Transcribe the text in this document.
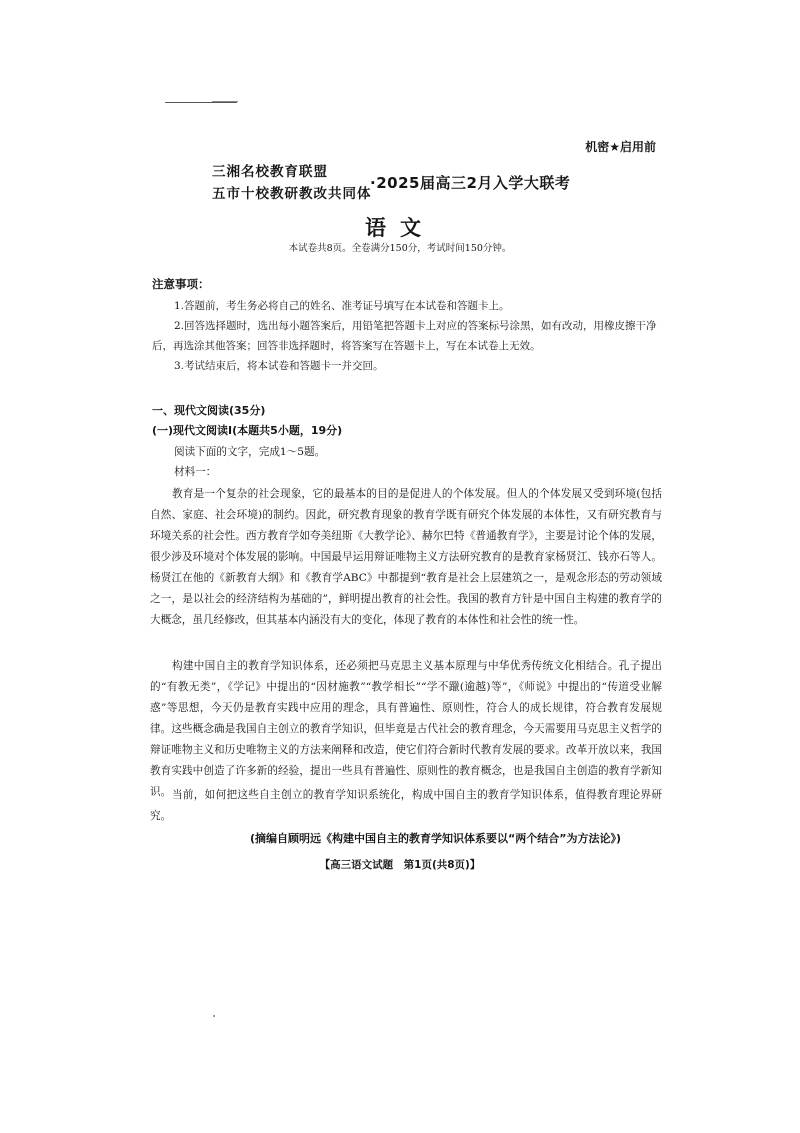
机密★启用前
三湘名校教育联盟
五市十校教研教改共同体
·2025届高三2月入学大联考
语文
本试卷共8页。全卷满分150分，考试时间150分钟。
注意事项：
1.答题前，考生务必将自己的姓名、准考证号填写在本试卷和答题卡上。
2.回答选择题时，选出每小题答案后，用铅笔把答题卡上对应的答案标号涂黑，如有改动，用橡皮擦干净后，再选涂其他答案；回答非选择题时，将答案写在答题卡上，写在本试卷上无效。
3.考试结束后，将本试卷和答题卡一并交回。
一、现代文阅读(35分)
(一)现代文阅读Ⅰ(本题共5小题，19分)
阅读下面的文字，完成1～5题。
材料一：
教育是一个复杂的社会现象，它的最基本的目的是促进人的个体发展。但人的个体发展又受到环境(包括自然、家庭、社会环境)的制约。因此，研究教育现象的教育学既有研究个体发展的本体性，又有研究教育与环境关系的社会性。西方教育学如夸美纽斯《大教学论》、赫尔巴特《普通教育学》，主要是讨论个体的发展，很少涉及环境对个体发展的影响。中国最早运用辩证唯物主义方法研究教育的是教育家杨贤江、钱亦石等人。杨贤江在他的《新教育大纲》和《教育学ABC》中都提到“教育是社会上层建筑之一，是观念形态的劳动领域之一，是以社会的经济结构为基础的”，鲜明提出教育的社会性。我国的教育方针是中国自主构建的教育学的大概念，虽几经修改，但其基本内涵没有大的变化，体现了教育的本体性和社会性的统一性。
构建中国自主的教育学知识体系，还必须把马克思主义基本原理与中华优秀传统文化相结合。孔子提出的“有教无类”，《学记》中提出的“因材施教”“教学相长”“学不躐(逾越)等”，《师说》中提出的“传道受业解惑”等思想，今天仍是教育实践中应用的理念，具有普遍性、原则性，符合人的成长规律，符合教育发展规律。这些概念确是我国自主创立的教育学知识，但毕竟是古代社会的教育理念，今天需要用马克思主义哲学的辩证唯物主义和历史唯物主义的方法来阐释和改造，使它们符合新时代教育发展的要求。改革开放以来，我国教育实践中创造了许多新的经验，提出一些具有普遍性、原则性的教育概念，也是我国自主创造的教育学新知识。 当前，如何把这些自主创立的教育学知识系统化，构成中国自主的教育学知识体系，值得教育理论界研究。
(摘编自顾明远《构建中国自主的教育学知识体系要以“两个结合”为方法论》)
【高三语文试题　第1页(共8页)】
